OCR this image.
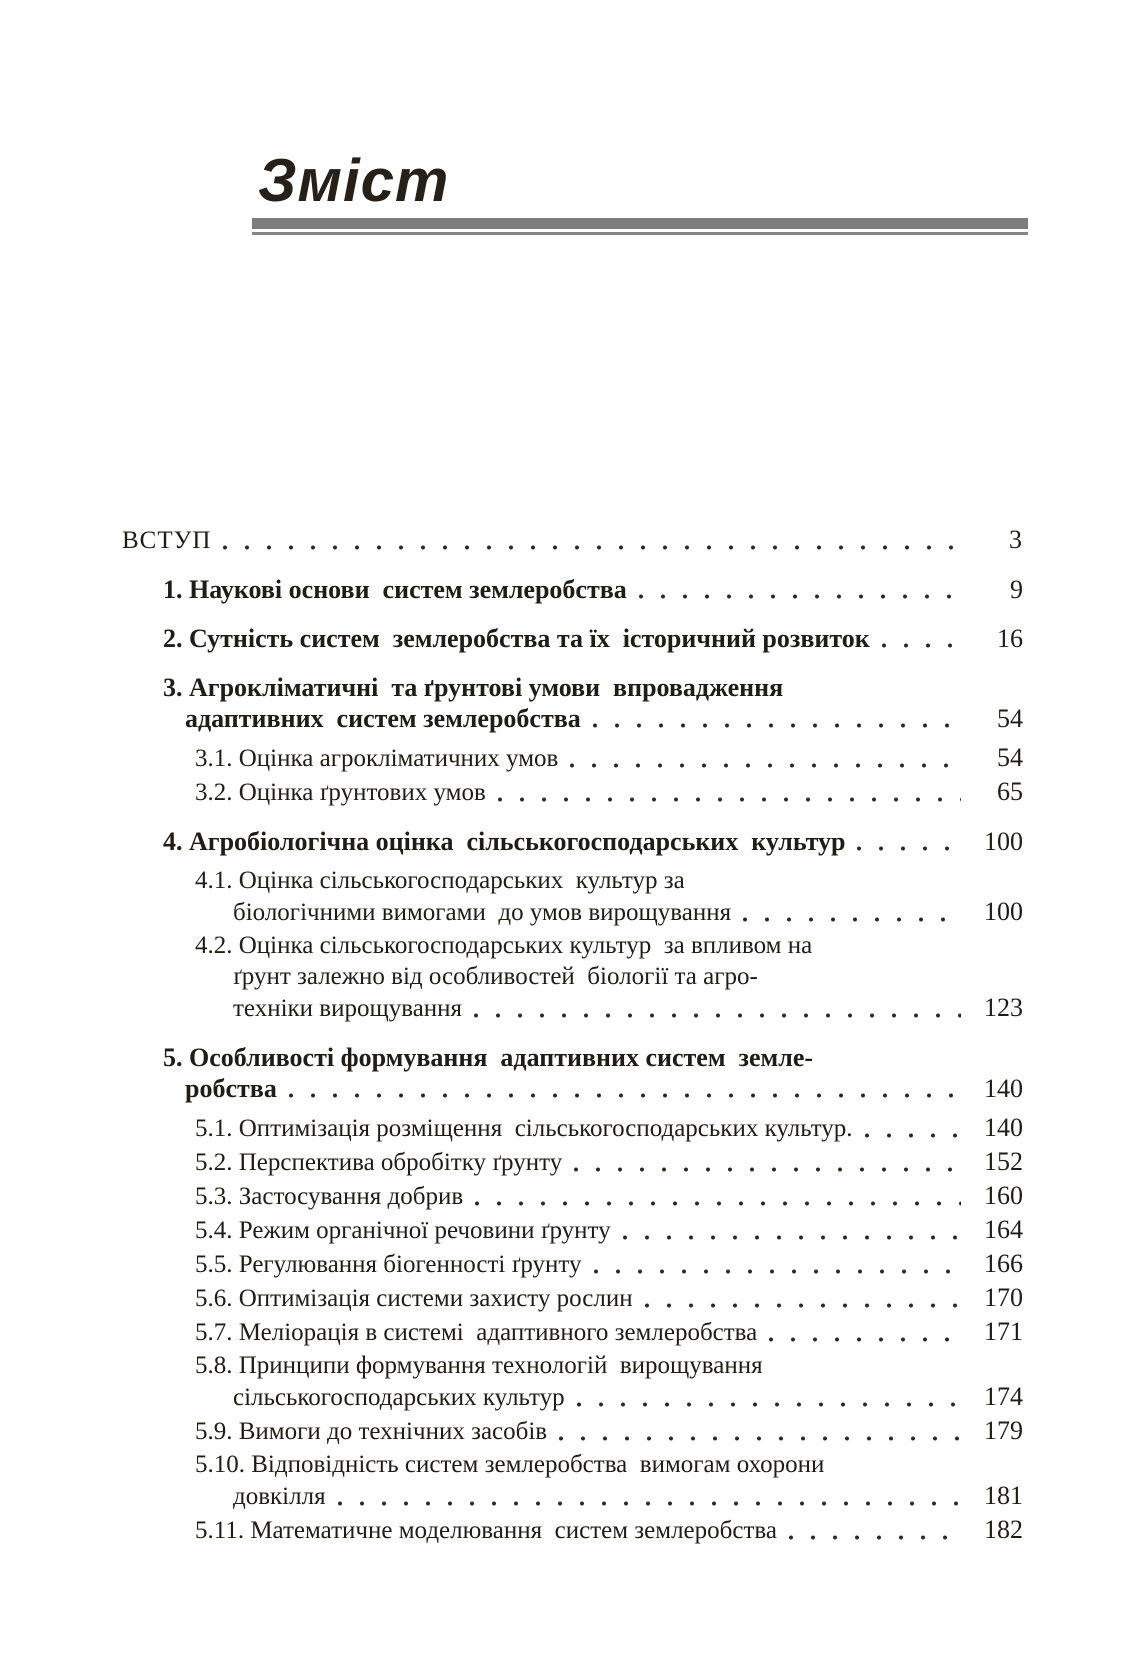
Зміст
ВСТУП	3
1. Наукові основи  систем землеробства	9
2. Сутність систем  землеробства та їх  історичний розвиток	16
3. Агрокліматичні  та ґрунтові умови  впровадження
адаптивних  систем землеробства	54
3.1. Оцінка агрокліматичних умов	54
3.2. Оцінка ґрунтових умов	65
4. Агробіологічна оцінка  сільськогосподарських  культур	100
4.1. Оцінка сільськогосподарських  культур за
біологічними вимогами  до умов вирощування	100
4.2. Оцінка сільськогосподарських культур  за впливом на
ґрунт залежно від особливостей  біології та агро-
техніки вирощування	123
5. Особливості формування  адаптивних систем  земле-
робства	140
5.1. Оптимізація розміщення  сільськогосподарських культур.	140
5.2. Перспектива обробітку ґрунту	152
5.3. Застосування добрив	160
5.4. Режим органічної речовини ґрунту	164
5.5. Регулювання біогенності ґрунту	166
5.6. Оптимізація системи захисту рослин	170
5.7. Меліорація в системі  адаптивного землеробства	171
5.8. Принципи формування технологій  вирощування
сільськогосподарських культур	174
5.9. Вимоги до технічних засобів	179
5.10. Відповідність систем землеробства  вимогам охорони
довкілля	181
5.11. Математичне моделювання  систем землеробства	182
